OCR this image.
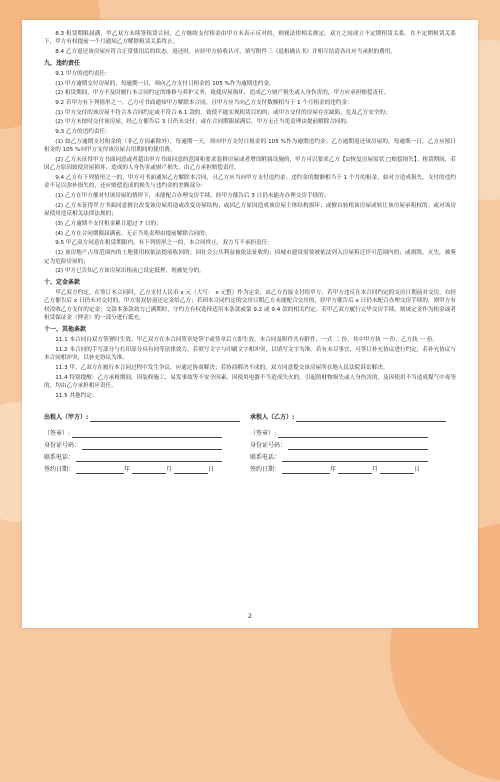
8.3 租赁期限届满，甲乙双方未续签租赁合同，乙方继续支付租金由甲方未表示反对的，则视法律相关规定，双方之间成立不定期租赁关系。在不定期租赁关系下，甲方有权提前一个月通知乙方解除租赁关系终止。
8.4 乙方返还该房屋应符合正常使用后的状态。返还时，应经甲方验收认可，填写附件三《退租确认书》并相互结清各自应当承担的费用。
九、违约责任
9.1 甲方的违约责任：
(1) 甲方逾期交付房屋的，每逾期一日，须向乙方支付日租金的 105 %作为逾期违约金。
(2) 租赁期间，甲方不及时履行本合同约定的维修与养护义务，致使房屋损坏，造成乙方财产损失或人身伤害的，甲方应承担赔偿责任。
9.2 若甲方有下列情形之一，乙方可书面通知甲方解除本合同，且甲方应当向乙方支付数额相当于 1 个月租金的违约金：
(1) 甲方交付的该房屋不符合本合同约定或不符合 6.1 款的，致使不能实现租赁目的的；或甲方交付的房屋存在缺陷，危及乙方安全的；
(2) 甲方未按时交付该房屋，经乙方催告后 3 日仍未交付，或在合同期限届满后，甲方无正当免责理由提前解除合同的。
9.3 乙方的违约责任：
(1) 如乙方逾期支付租金的（非乙方因素除外），每逾期一天，须向甲方支付日租金的 105 %作为逾期违约金；乙方逾期返还该房屋的，每逾期一日，乙方应按日租金的 105 %向甲方支付该房屋占用期间的使用费。
(2) 乙方未征得甲方书面同意或者超出甲方书面同意的范围和要求装修房屋或者增设附属设施的，甲方可以要求乙方【☑恢复房屋原状 □赔偿损失】。租赁期间，若因乙方原因致使房屋损坏，造成的人身伤害或财产损失，由乙方承担赔偿责任。
9.4 乙方有下列情形之一的，甲方可书面通知乙方解除本合同，且乙方应当向甲方支付违约金，违约金的数额相当于 1 个月的租金，如对方造成损失，支付的违约金不足以弥补损失的，还应赔偿造成的损失与违约金的差额部分：
(1) 乙方在甲方催对付该房屋的情形下，未能配合办理交房手续，经甲方催告后 3 日仍未能办办理交房手续的；
(2) 乙方未征得甲方书面同意擅自改变该房屋用途或改变房屋结构；或因乙方原因造成该房屋主体结构损坏；或擅自转租该房屋或转让该房屋承租权的；或对该房屋使用违反相关法律法规的；
(3) 乙方逾期不支付租金累计超过 7 日的；
(4) 乙方在合同期限届满前，无正当免责理由提前解除合同的；
9.5 甲乙双方同意在租赁期限内，有下列情形之一的，本合同终止，双方互不承担责任：
(1) 该房地产占用范围内的土地使用权依法提前收回的；因社会公共利益被依法征收的；因城市建设需要被依法列入房屋拆迁许可范围内的；或损毁、灭失，被鉴定为危险房屋的；
(2) 甲方已告知乙方该房屋出租前已设定抵押，现被处分的。
十、定金条款
甲乙双方约定，在签订本合同时，乙方支付人民币 x 元（大写： x 元整）作为定金，由乙方直接支付给甲方。若甲方违反在本合同约定的交房日期前对交房，自经乙方催告后 x 日仍未对交付的，甲方需双倍返还定金给乙方；若因本合同约定的交房日期乙方未能配合交房的，经甲方催告后 x 日仍未配合办理交房手续的，则甲方有权没收乙方支付的定金；交款本条款效力已满期时，守约方有权选择适用本条款或第 9.2 或 9.4 款的相关约定。若甲乙双方履行完毕交房手续，则该定金作为租金或者租赁保证金（押金）的一部分进行抵充。
十一、其他条款
11.1 本合同自双方签署时生效，甲乙双方在本合同签章处签字或签章后立即生效。本合同及附件共有附件，一式 二 份，其中甲方执 一 份，乙方执 一 份。
11.2 本合同的手写部分与打印部分具有同等法律效力，若填写文字与印刷文字相冲突，以填写文字为准。若有未尽事宜，可签订补充协议进行约定，若补充协议与本合同相冲突，以补充协议为准。
11.3 甲、乙双方在履行本合同过程中发生争议，应通过协商解决；若协商解决不成的，双方同意提交该房屋所在地人民法院诉讼解决。
11.4 特别提醒：乙方承租期间，因装修施工、易发事故等不安全因素，因使用电器不当造成失火的，引起的财物损失或人身伤害的，及因使用不当造成煤气中毒等的，均由乙方承担相应责任。
11.5 其他约定：
出租人（甲方）:	承租人（乙方）:
（签章）:	（签章）:
身份证号码：	身份证号码：
联系电话：	联系电话：
签约日期：	年	月	日	签约日期：	年	月	日
2
